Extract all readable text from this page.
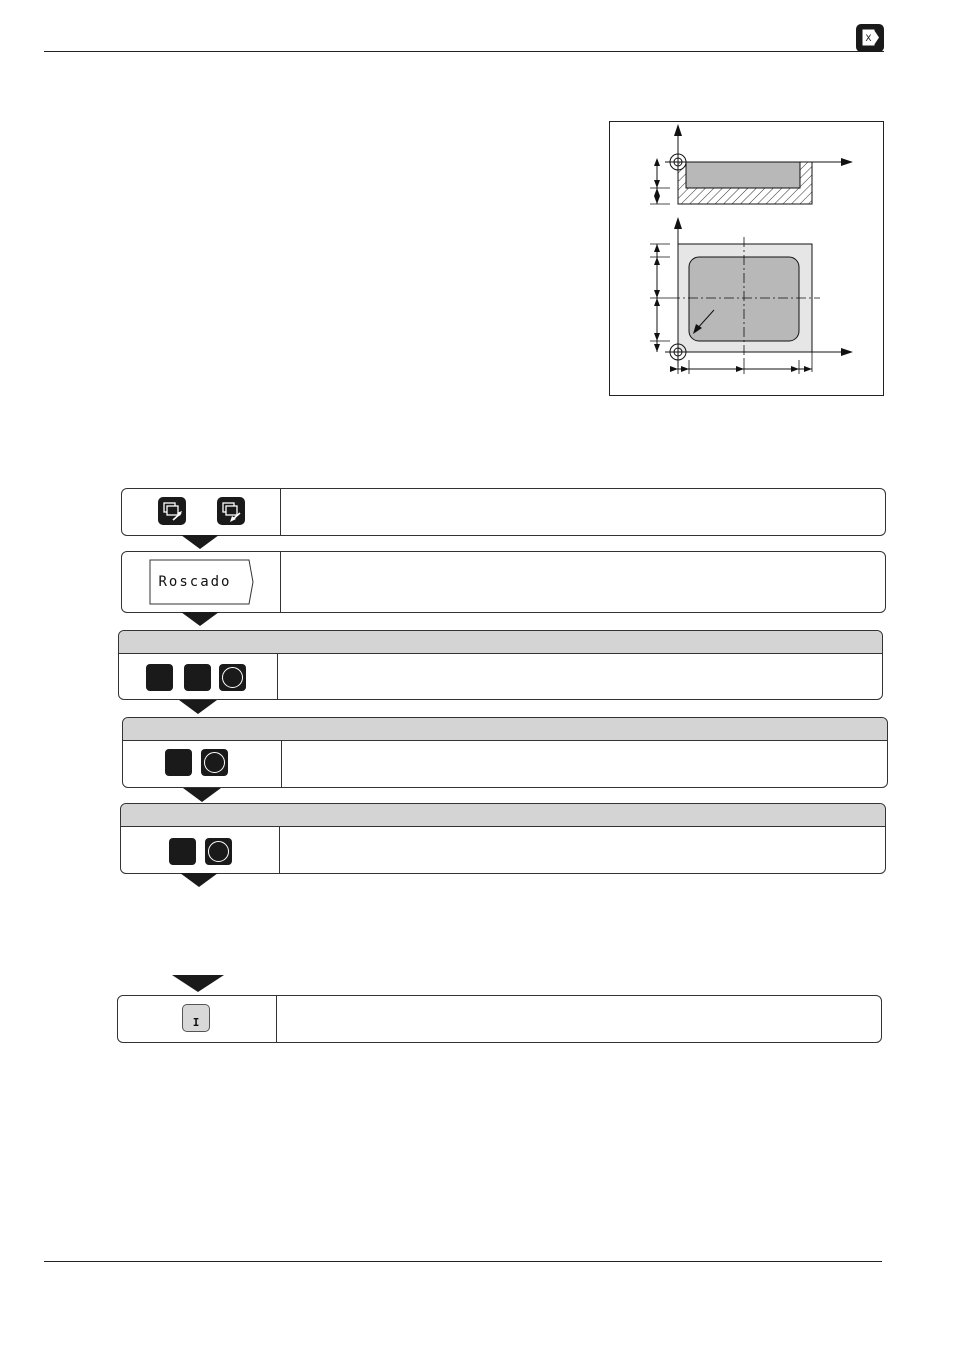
X
Roscado
I
